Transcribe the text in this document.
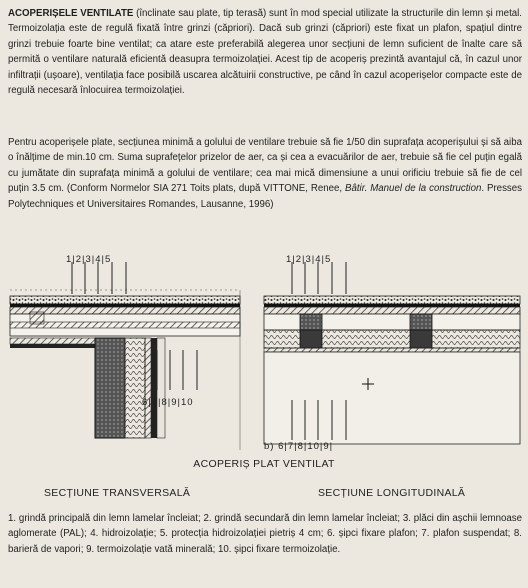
ACOPERIȘELE VENTILATE (înclinate sau plate, tip terasă) sunt în mod special utilizate la structurile din lemn și metal. Termoizolația este de regulă fixată între grinzi (căpriori). Dacă sub grinzi (căpriori) este fixat un plafon, spațiul dintre grinzi trebuie foarte bine ventilat; ca atare este preferabilă alegerea unor secțiuni de lemn suficient de înalte care să permită o ventilare naturală eficientă deasupra termoizolației. Acest tip de acoperiș prezintă avantajul că, în cazul unor infiltrații (ușoare), ventilația face posibilă uscarea alcătuirii constructive, pe când în cazul acoperișelor compacte este de regulă necesară înlocuirea termoizolației.

Pentru acoperișele plate, secțiunea minimă a golului de ventilare trebuie să fie 1/50 din suprafața acoperișului și să aiba o înălțime de min.10 cm. Suma suprafețelor prizelor de aer, ca și cea a evacuărilor de aer, trebuie să fie cel puțin egală cu jumătate din suprafața minimă a golului de ventilare; cea mai mică dimensiune a unui orificiu trebuie să fie de cel puțin 3.5 cm. (Conform Normelor SIA 271 Toits plats, după VITTONE, Renee, Bâtir. Manuel de la construction. Presses Polytechniques et Universitaires Romandes, Lausanne, 1996)

1|2|3|4|5
6|7|8|9|10
1|2|3|4|5
b) 6|7|8|10|9|
ACOPERIȘ PLAT VENTILAT
SECȚIUNE TRANSVERSALĂ	SECȚIUNE LONGITUDINALĂ

1. grindă principală din lemn lamelar încleiat; 2. grindă secundară din lemn lamelar încleiat; 3. plăci din așchii lemnoase aglomerate (PAL); 4. hidroizolație; 5. protecția hidroizolației pietriș 4 cm; 6. șipci fixare plafon; 7. plafon suspendat; 8. barieră de vapori; 9. termoizolație vată minerală; 10. șipci fixare termoizolație.
